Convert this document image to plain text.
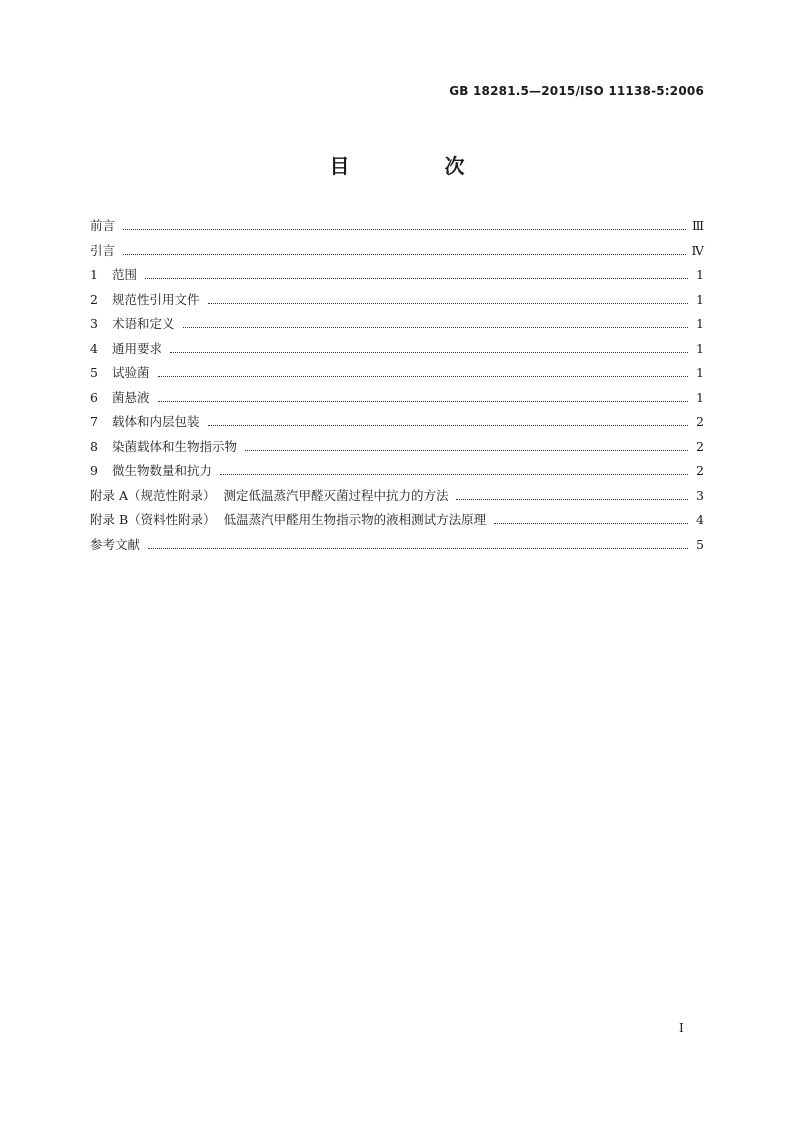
GB 18281.5—2015/ISO 11138-5:2006
目 次
前言	Ⅲ
引言	Ⅳ
1	范围	1
2	规范性引用文件	1
3	术语和定义	1
4	通用要求	1
5	试验菌	1
6	菌悬液	1
7	载体和内层包装	2
8	染菌载体和生物指示物	2
9	微生物数量和抗力	2
附录 A（规范性附录）  测定低温蒸汽甲醛灭菌过程中抗力的方法	3
附录 B（资料性附录）  低温蒸汽甲醛用生物指示物的液相测试方法原理	4
参考文献	5
Ⅰ
